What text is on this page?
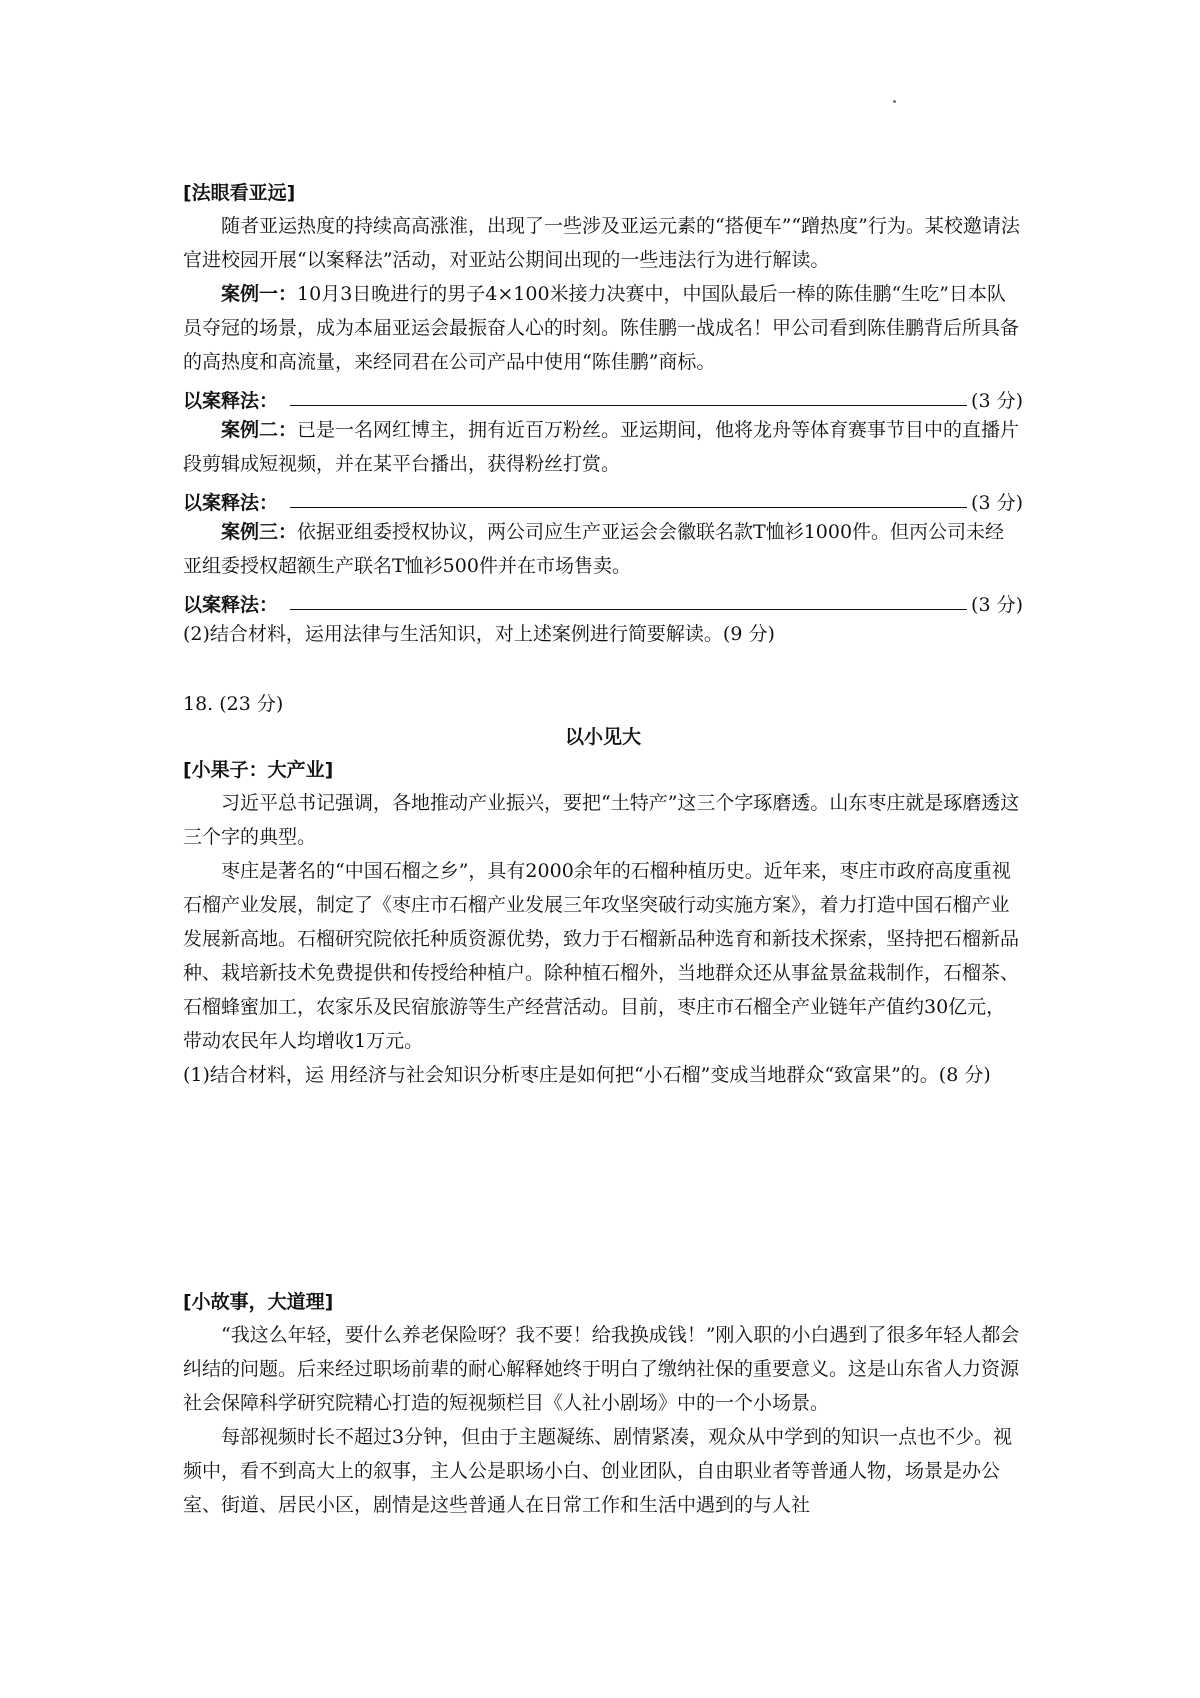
[法眼看亚远]

随者亚运热度的持续高高涨淮，出现了一些涉及亚运元素的“搭便车”“蹭热度”行为。某校邀请法官进校园开展“以案释法”活动，对亚站公期间出现的一些违法行为进行解读。

案例一：10月3日晚进行的男子4×100米接力决赛中，中国队最后一棒的陈佳鹏“生吃”日本队员夺冠的场景，成为本届亚运会最振奋人心的时刻。陈佳鹏一战成名！甲公司看到陈佳鹏背后所具备的高热度和高流量，来经同君在公司产品中使用“陈佳鹏”商标。

以案释法：	(3 分)

案例二：已是一名网红博主，拥有近百万粉丝。亚运期间，他将龙舟等体育赛事节目中的直播片段剪辑成短视频，并在某平台播出，获得粉丝打赏。

以案释法：	(3 分)

案例三：依据亚组委授权协议，两公司应生产亚运会会徽联名款T恤衫1000件。但丙公司未经亚组委授权超额生产联名T恤衫500件并在市场售卖。

以案释法：	(3 分)

(2)结合材料，运用法律与生活知识，对上述案例进行简要解读。(9 分)

18. (23 分)
以小见大
[小果子：大产业]

习近平总书记强调，各地推动产业振兴，要把“土特产”这三个字琢磨透。山东枣庄就是琢磨透这三个字的典型。

枣庄是著名的“中国石榴之乡”，具有2000余年的石榴种植历史。近年来，枣庄市政府高度重视石榴产业发展，制定了《枣庄市石榴产业发展三年攻坚突破行动实施方案》，着力打造中国石榴产业发展新高地。石榴研究院依托种质资源优势，致力于石榴新品种选育和新技术探索，坚持把石榴新品种、栽培新技术免费提供和传授给种植户。除种植石榴外，当地群众还从事盆景盆栽制作，石榴茶、石榴蜂蜜加工，农家乐及民宿旅游等生产经营活动。目前，枣庄市石榴全产业链年产值约30亿元，带动农民年人均增收1万元。

(1)结合材料，运 用经济与社会知识分析枣庄是如何把“小石榴”变成当地群众“致富果”的。(8 分)

[小故事，大道理]

“我这么年轻，要什么养老保险呀？我不要！给我换成钱！”刚入职的小白遇到了很多年轻人都会纠结的问题。后来经过职场前辈的耐心解释她终于明白了缴纳社保的重要意义。这是山东省人力资源社会保障科学研究院精心打造的短视频栏目《人社小剧场》中的一个小场景。

每部视频时长不超过3分钟，但由于主题凝练、剧情紧凑，观众从中学到的知识一点也不少。视频中，看不到高大上的叙事，主人公是职场小白、创业团队，自由职业者等普通人物，场景是办公室、街道、居民小区，剧情是这些普通人在日常工作和生活中遇到的与人社
